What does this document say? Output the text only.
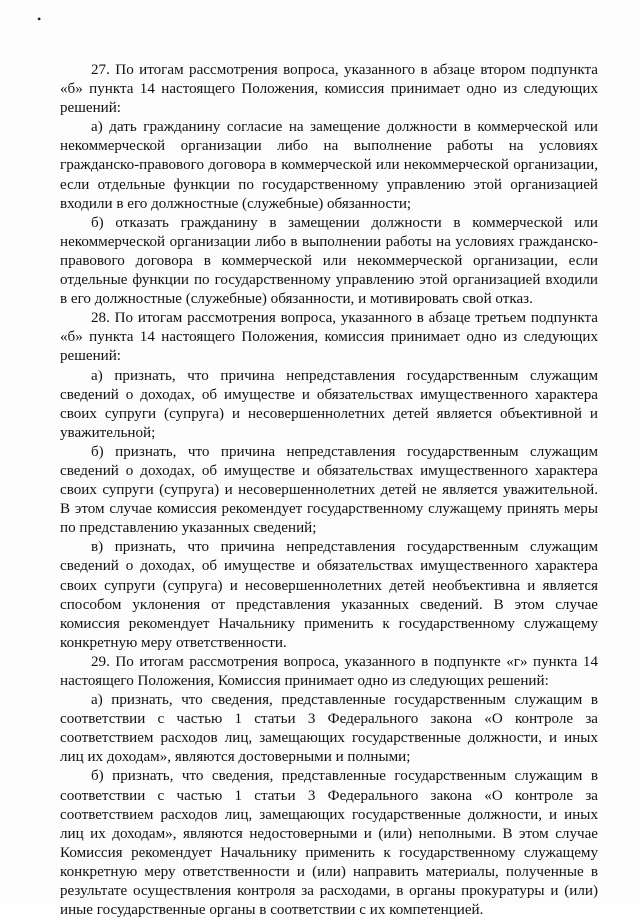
•

27. По итогам рассмотрения вопроса, указанного в абзаце втором подпункта «б» пункта 14 настоящего Положения, комиссия принимает одно из следующих решений:

а) дать гражданину согласие на замещение должности в коммерческой или некоммерческой организации либо на выполнение работы на условиях гражданско-правового договора в коммерческой или некоммерческой организации, если отдельные функции по государственному управлению этой организацией входили в его должностные (служебные) обязанности;

б) отказать гражданину в замещении должности в коммерческой или некоммерческой организации либо в выполнении работы на условиях гражданско-правового договора в коммерческой или некоммерческой организации, если отдельные функции по государственному управлению этой организацией входили в его должностные (служебные) обязанности, и мотивировать свой отказ.

28. По итогам рассмотрения вопроса, указанного в абзаце третьем подпункта «б» пункта 14 настоящего Положения, комиссия принимает одно из следующих решений:

а) признать, что причина непредставления государственным служащим сведений о доходах, об имуществе и обязательствах имущественного характера своих супруги (супруга) и несовершеннолетних детей является объективной и уважительной;

б) признать, что причина непредставления государственным служащим сведений о доходах, об имуществе и обязательствах имущественного характера своих супруги (супруга) и несовершеннолетних детей не является уважительной. В этом случае комиссия рекомендует государственному служащему принять меры по представлению указанных сведений;

в) признать, что причина непредставления государственным служащим сведений о доходах, об имуществе и обязательствах имущественного характера своих супруги (супруга) и несовершеннолетних детей необъективна и является способом уклонения от представления указанных сведений. В этом случае комиссия рекомендует Начальнику применить к государственному служащему конкретную меру ответственности.

29. По итогам рассмотрения вопроса, указанного в подпункте «г» пункта 14 настоящего Положения, Комиссия принимает одно из следующих решений:

а) признать, что сведения, представленные государственным служащим в соответствии с частью 1 статьи 3 Федерального закона «О контроле за соответствием расходов лиц, замещающих государственные должности, и иных лиц их доходам», являются достоверными и полными;

б) признать, что сведения, представленные государственным служащим в соответствии с частью 1 статьи 3 Федерального закона «О контроле за соответствием расходов лиц, замещающих государственные должности, и иных лиц их доходам», являются недостоверными и (или) неполными. В этом случае Комиссия рекомендует Начальнику применить к государственному служащему конкретную меру ответственности и (или) направить материалы, полученные в результате осуществления контроля за расходами, в органы прокуратуры и (или) иные государственные органы в соответствии с их компетенцией.
